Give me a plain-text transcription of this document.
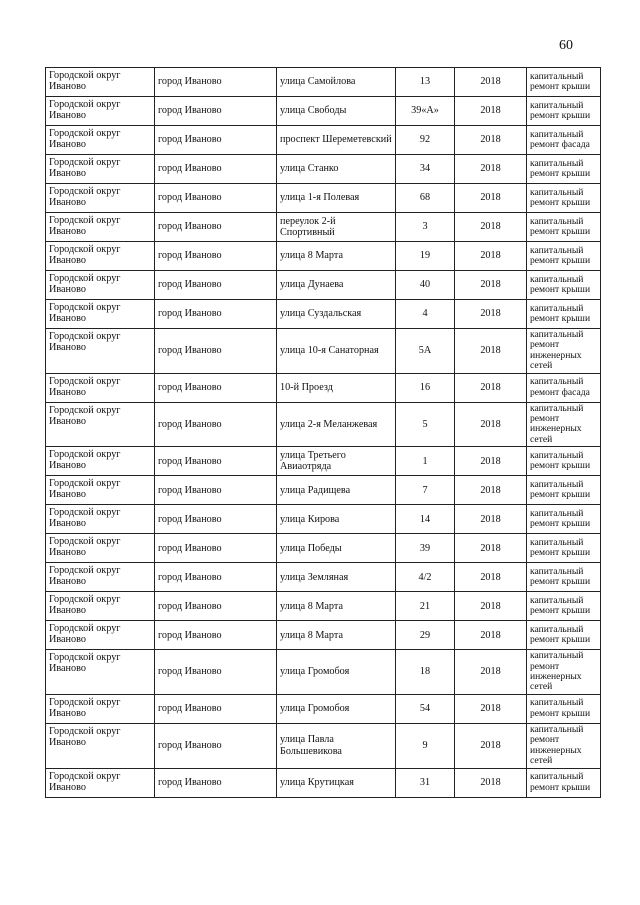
60
Городской округ Иваново	город Иваново	улица Самойлова	13	2018	капитальный ремонт крыши
Городской округ Иваново	город Иваново	улица Свободы	39«А»	2018	капитальный ремонт крыши
Городской округ Иваново	город Иваново	проспект Шереметевский	92	2018	капитальный ремонт фасада
Городской округ Иваново	город Иваново	улица Станко	34	2018	капитальный ремонт крыши
Городской округ Иваново	город Иваново	улица 1-я Полевая	68	2018	капитальный ремонт крыши
Городской округ Иваново	город Иваново	переулок 2-й Спортивный	3	2018	капитальный ремонт крыши
Городской округ Иваново	город Иваново	улица 8 Марта	19	2018	капитальный ремонт крыши
Городской округ Иваново	город Иваново	улица Дунаева	40	2018	капитальный ремонт крыши
Городской округ Иваново	город Иваново	улица Суздальская	4	2018	капитальный ремонт крыши
Городской округ Иваново	город Иваново	улица 10-я Санаторная	5А	2018	капитальный ремонт инженерных сетей
Городской округ Иваново	город Иваново	10-й Проезд	16	2018	капитальный ремонт фасада
Городской округ Иваново	город Иваново	улица 2-я Меланжевая	5	2018	капитальный ремонт инженерных сетей
Городской округ Иваново	город Иваново	улица Третьего Авиаотряда	1	2018	капитальный ремонт крыши
Городской округ Иваново	город Иваново	улица Радищева	7	2018	капитальный ремонт крыши
Городской округ Иваново	город Иваново	улица Кирова	14	2018	капитальный ремонт крыши
Городской округ Иваново	город Иваново	улица Победы	39	2018	капитальный ремонт крыши
Городской округ Иваново	город Иваново	улица Земляная	4/2	2018	капитальный ремонт крыши
Городской округ Иваново	город Иваново	улица 8 Марта	21	2018	капитальный ремонт крыши
Городской округ Иваново	город Иваново	улица 8 Марта	29	2018	капитальный ремонт крыши
Городской округ Иваново	город Иваново	улица Громобоя	18	2018	капитальный ремонт инженерных сетей
Городской округ Иваново	город Иваново	улица Громобоя	54	2018	капитальный ремонт крыши
Городской округ Иваново	город Иваново	улица Павла Большевикова	9	2018	капитальный ремонт инженерных сетей
Городской округ Иваново	город Иваново	улица Крутицкая	31	2018	капитальный ремонт крыши
